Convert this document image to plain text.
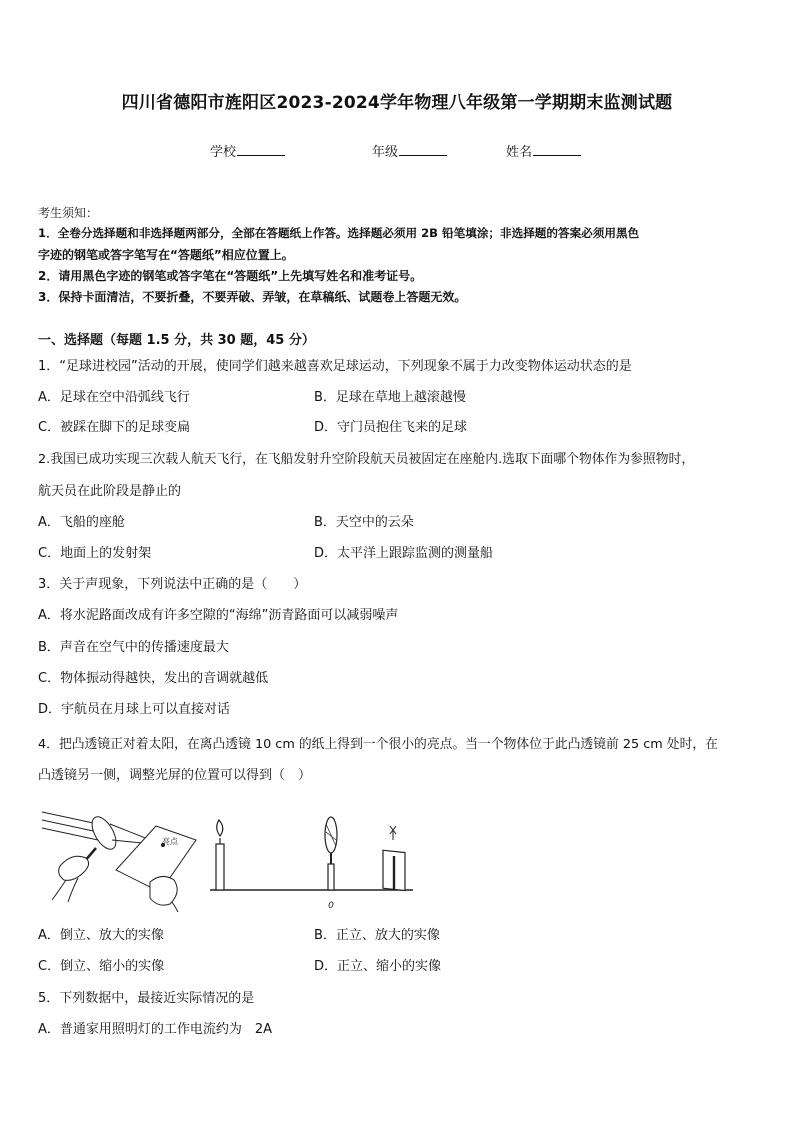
四川省德阳市旌阳区2023-2024学年物理八年级第一学期期末监测试题
学校	年级	姓名
考生须知：
1．全卷分选择题和非选择题两部分，全部在答题纸上作答。选择题必须用 2B 铅笔填涂；非选择题的答案必须用黑色
字迹的钢笔或答字笔写在“答题纸”相应位置上。
2．请用黑色字迹的钢笔或答字笔在“答题纸”上先填写姓名和准考证号。
3．保持卡面清洁，不要折叠，不要弄破、弄皱，在草稿纸、试题卷上答题无效。
一、选择题（每题 1.5 分，共 30 题，45 分）
1．“足球进校园”活动的开展，使同学们越来越喜欢足球运动，下列现象不属于力改变物体运动状态的是
A．足球在空中沿弧线飞行	B．足球在草地上越滚越慢
C．被踩在脚下的足球变扁	D．守门员抱住飞来的足球
2.我国已成功实现三次载人航天飞行，在飞船发射升空阶段航天员被固定在座舱内.选取下面哪个物体作为参照物时，
航天员在此阶段是静止的
A．飞船的座舱	B．天空中的云朵
C．地面上的发射架	D．太平洋上跟踪监测的测量船
3．关于声现象，下列说法中正确的是（　　）
A．将水泥路面改成有许多空隙的“海绵”沥青路面可以减弱噪声
B．声音在空气中的传播速度最大
C．物体振动得越快，发出的音调就越低
D．宇航员在月球上可以直接对话
4．把凸透镜正对着太阳，在离凸透镜 10 cm 的纸上得到一个很小的亮点。当一个物体位于此凸透镜前 25 cm 处时，在
凸透镜另一侧，调整光屏的位置可以得到（　）
亮点
0
A．倒立、放大的实像	B．正立、放大的实像
C．倒立、缩小的实像	D．正立、缩小的实像
5．下列数据中，最接近实际情况的是
A．普通家用照明灯的工作电流约为　2A
